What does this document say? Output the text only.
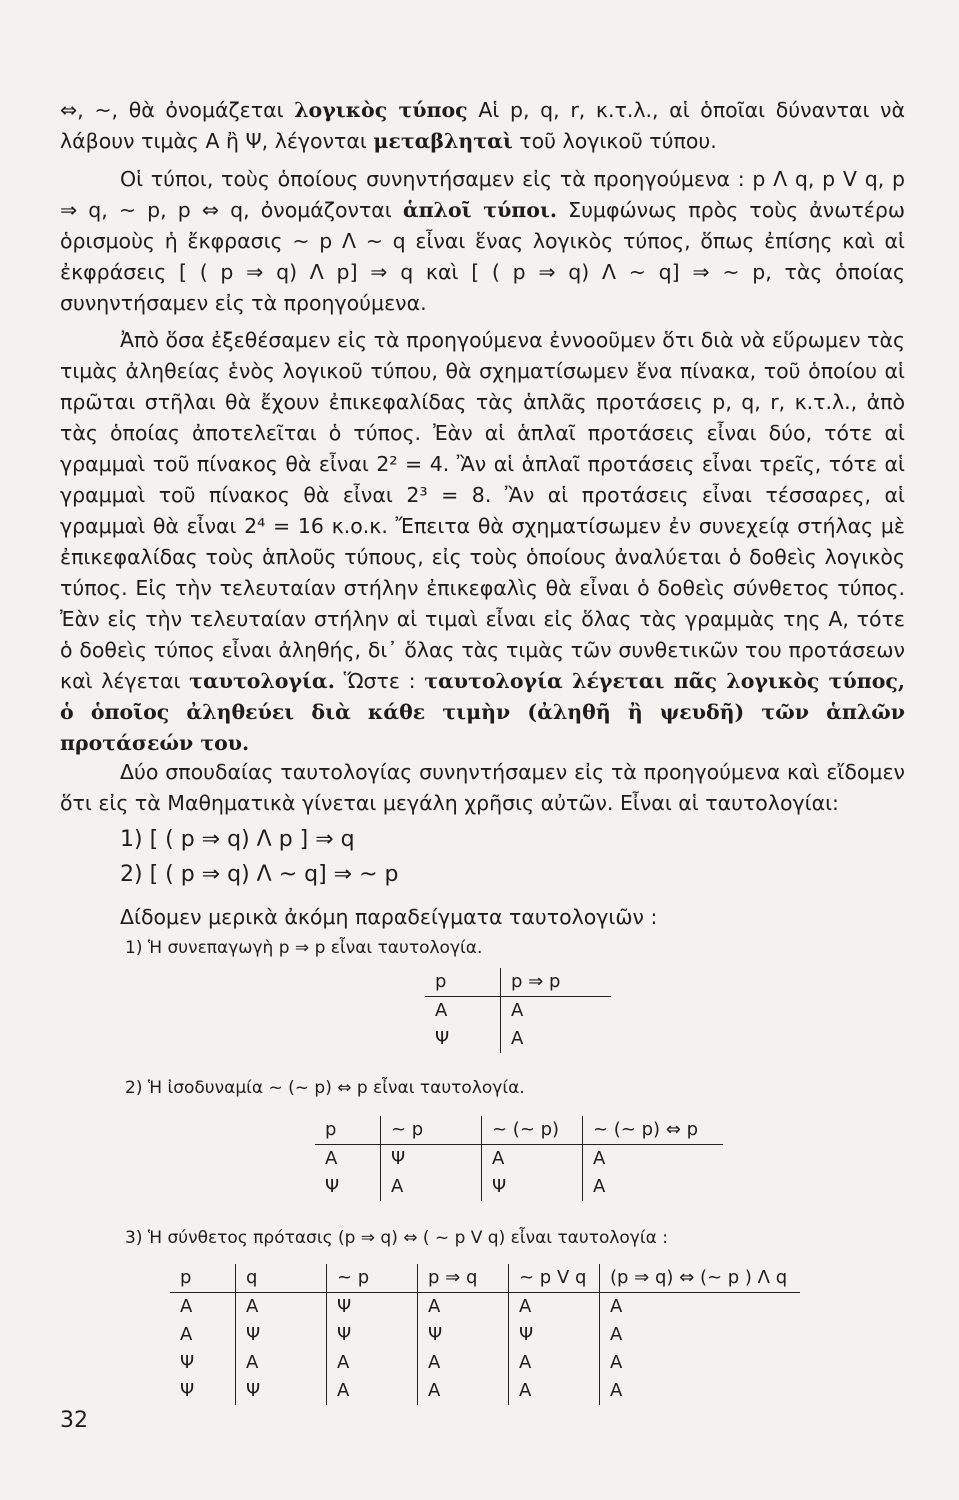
⇔, ~, θὰ ὀνομάζεται λογικὸς τύπος Αἱ p, q, r, κ.τ.λ., αἱ ὁποῖαι δύνανται νὰ λάβουν τιμὰς Α ἢ Ψ, λέγονται μεταβληταὶ τοῦ λογικοῦ τύπου.
Οἱ τύποι, τοὺς ὁποίους συνηντήσαμεν εἰς τὰ προηγούμενα : p Λ q, p V q, p ⇒ q, ~ p, p ⇔ q, ὀνομάζονται ἁπλοῖ τύποι. Συμφώνως πρὸς τοὺς ἀνωτέρω ὁρισμοὺς ἡ ἔκφρασις ~ p Λ ~ q εἶναι ἕνας λογικὸς τύπος, ὅπως ἐπίσης καὶ αἱ ἐκφράσεις [ ( p ⇒ q) Λ p] ⇒ q καὶ [ ( p ⇒ q) Λ ~ q] ⇒ ~ p, τὰς ὁποίας συνηντήσαμεν εἰς τὰ προηγούμενα.
Ἀπὸ ὅσα ἐξεθέσαμεν εἰς τὰ προηγούμενα ἐννοοῦμεν ὅτι διὰ νὰ εὕρωμεν τὰς τιμὰς ἀληθείας ἑνὸς λογικοῦ τύπου, θὰ σχηματίσωμεν ἕνα πίνακα, τοῦ ὁποίου αἱ πρῶται στῆλαι θὰ ἔχουν ἐπικεφαλίδας τὰς ἁπλᾶς προτάσεις p, q, r, κ.τ.λ., ἀπὸ τὰς ὁποίας ἀποτελεῖται ὁ τύπος. Ἐὰν αἱ ἁπλαῖ προτάσεις εἶναι δύο, τότε αἱ γραμμαὶ τοῦ πίνακος θὰ εἶναι 2² = 4. Ἂν αἱ ἁπλαῖ προτάσεις εἶναι τρεῖς, τότε αἱ γραμμαὶ τοῦ πίνακος θὰ εἶναι 2³ = 8. Ἂν αἱ προτάσεις εἶναι τέσσαρες, αἱ γραμμαὶ θὰ εἶναι 2⁴ = 16 κ.ο.κ. Ἔπειτα θὰ σχηματίσωμεν ἐν συνεχείᾳ στήλας μὲ ἐπικεφαλίδας τοὺς ἁπλοῦς τύπους, εἰς τοὺς ὁποίους ἀναλύεται ὁ δοθεὶς λογικὸς τύπος. Εἰς τὴν τελευταίαν στήλην ἐπικεφαλὶς θὰ εἶναι ὁ δοθεὶς σύνθετος τύπος. Ἐὰν εἰς τὴν τελευταίαν στήλην αἱ τιμαὶ εἶναι εἰς ὅλας τὰς γραμμὰς της Α, τότε ὁ δοθεὶς τύπος εἶναι ἀληθής, δι᾽ ὅλας τὰς τιμὰς τῶν συνθετικῶν του προτάσεων καὶ λέγεται ταυτολογία. Ὥστε : ταυτολογία λέγεται πᾶς λογικὸς τύπος, ὁ ὁποῖος ἀληθεύει διὰ κάθε τιμὴν (ἀληθῆ ἢ ψευδῆ) τῶν ἁπλῶν προτάσεών του.
Δύο σπουδαίας ταυτολογίας συνηντήσαμεν εἰς τὰ προηγούμενα καὶ εἴδομεν ὅτι εἰς τὰ Μαθηματικὰ γίνεται μεγάλη χρῆσις αὐτῶν. Εἶναι αἱ ταυτολογίαι:
1) [ ( p ⇒ q) Λ p ] ⇒ q
2) [ ( p ⇒ q) Λ ~ q] ⇒ ~ p
Δίδομεν μερικὰ ἀκόμη παραδείγματα ταυτολογιῶν :
1) Ἡ συνεπαγωγὴ p ⇒ p εἶναι ταυτολογία.
p	p ⇒ p
Α	Α
Ψ	Α
2) Ἡ ἰσοδυναμία ~ (~ p) ⇔ p εἶναι ταυτολογία.
p	~ p	~ (~ p)	~ (~ p) ⇔ p
Α	Ψ	Α	Α
Ψ	Α	Ψ	Α
3) Ἡ σύνθετος πρότασις (p ⇒ q) ⇔ ( ~ p V q) εἶναι ταυτολογία :
p	q	~ p	p ⇒ q	~ p V q	(p ⇒ q) ⇔ (~ p ) Λ q
Α	Α	Ψ	Α	Α	Α
Α	Ψ	Ψ	Ψ	Ψ	Α
Ψ	Α	Α	Α	Α	Α
Ψ	Ψ	Α	Α	Α	Α
32
